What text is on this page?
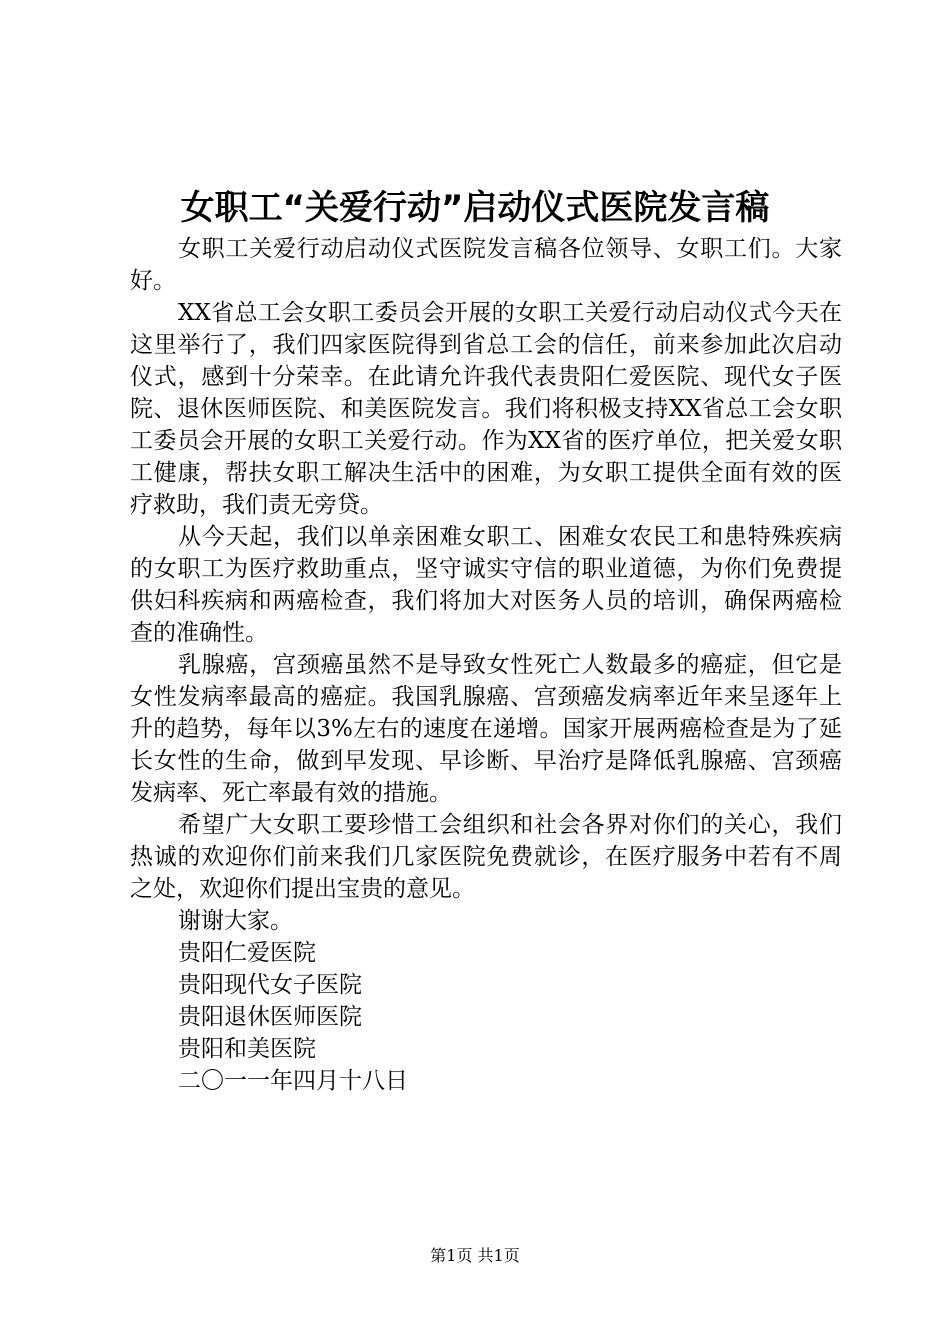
女职工“关爱行动”启动仪式医院发言稿

女职工关爱行动启动仪式医院发言稿各位领导、女职工们。大家好。

XX省总工会女职工委员会开展的女职工关爱行动启动仪式今天在这里举行了，我们四家医院得到省总工会的信任，前来参加此次启动仪式，感到十分荣幸。在此请允许我代表贵阳仁爱医院、现代女子医院、退休医师医院、和美医院发言。我们将积极支持XX省总工会女职工委员会开展的女职工关爱行动。作为XX省的医疗单位，把关爱女职工健康，帮扶女职工解决生活中的困难，为女职工提供全面有效的医疗救助，我们责无旁贷。

从今天起，我们以单亲困难女职工、困难女农民工和患特殊疾病的女职工为医疗救助重点，坚守诚实守信的职业道德，为你们免费提供妇科疾病和两癌检查，我们将加大对医务人员的培训，确保两癌检查的准确性。

乳腺癌，宫颈癌虽然不是导致女性死亡人数最多的癌症，但它是女性发病率最高的癌症。我国乳腺癌、宫颈癌发病率近年来呈逐年上升的趋势，每年以3%左右的速度在递增。国家开展两癌检查是为了延长女性的生命，做到早发现、早诊断、早治疗是降低乳腺癌、宫颈癌发病率、死亡率最有效的措施。

希望广大女职工要珍惜工会组织和社会各界对你们的关心，我们热诚的欢迎你们前来我们几家医院免费就诊，在医疗服务中若有不周之处，欢迎你们提出宝贵的意见。

谢谢大家。

贵阳仁爱医院

贵阳现代女子医院

贵阳退休医师医院

贵阳和美医院

二〇一一年四月十八日

第1页 共1页
